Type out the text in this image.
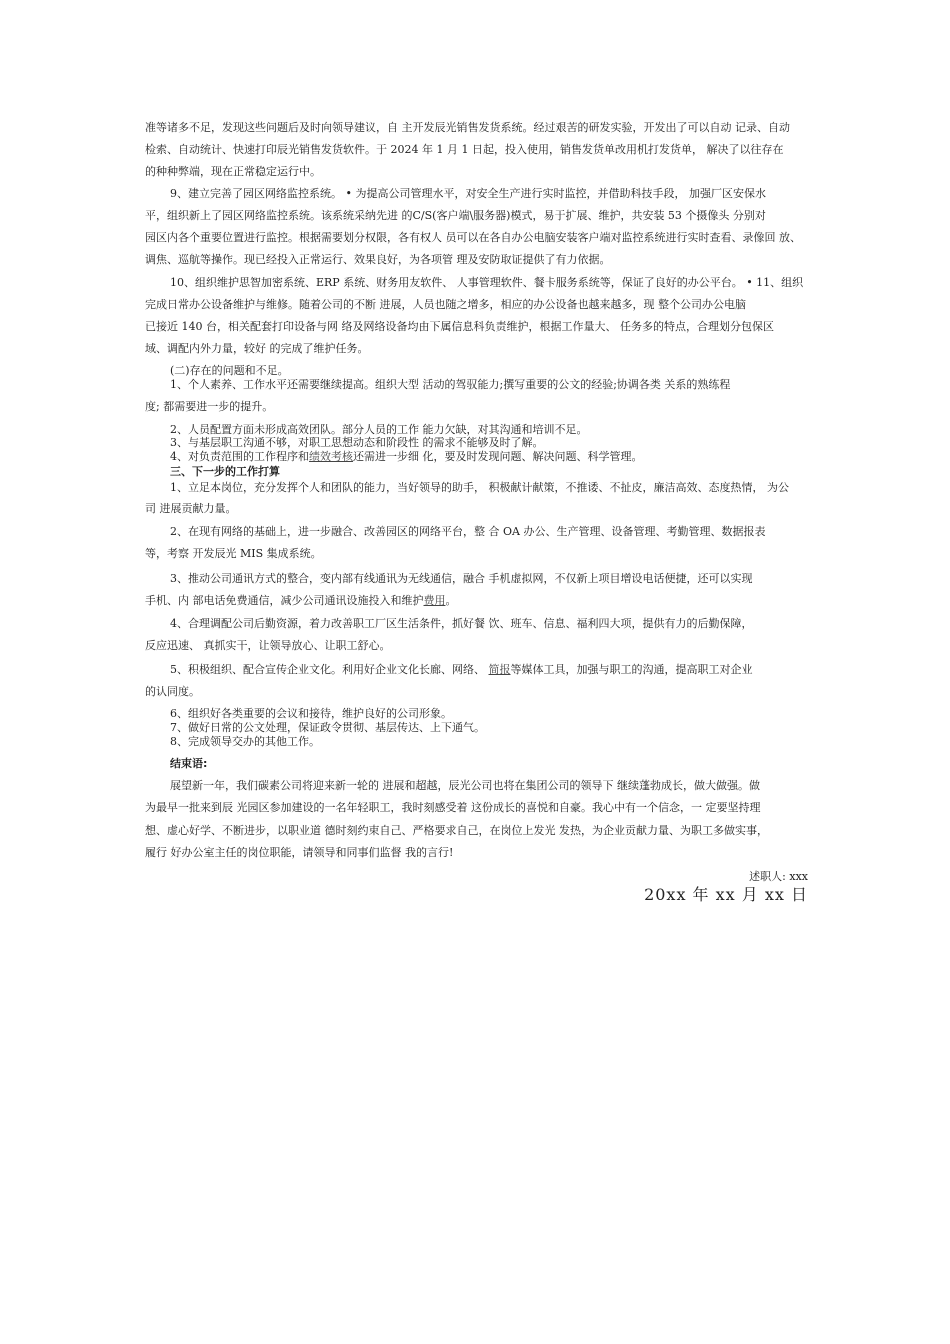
准等诸多不足，发现这些问题后及时向领导建议，自 主开发辰光销售发货系统。经过艰苦的研发实验，开发出了可以自动 记录、自动
检索、自动统计、快速打印辰光销售发货软件。于 2024 年 1 月 1 日起，投入使用，销售发货单改用机打发货单， 解决了以往存在
的种种弊端，现在正常稳定运行中。
9、建立完善了园区网络监控系统。 • 为提高公司管理水平，对安全生产进行实时监控，并借助科技手段， 加强厂区安保水
平，组织新上了园区网络监控系统。该系统采纳先进 的C/S(客户端\服务器)模式，易于扩展、维护，共安装 53 个摄像头 分别对
园区内各个重要位置进行监控。根据需要划分权限，各有权人 员可以在各自办公电脑安装客户端对监控系统进行实时查看、录像回 放、
调焦、巡航等操作。现已经投入正常运行、效果良好，为各项管 理及安防取证提供了有力依据。
10、组织维护思智加密系统、ERP 系统、财务用友软件、 人事管理软件、餐卡服务系统等，保证了良好的办公平台。 • 11、组织
完成日常办公设备维护与维修。随着公司的不断 进展，人员也随之增多，相应的办公设备也越来越多，现 整个公司办公电脑
已接近 140 台，相关配套打印设备与网 络及网络设备均由下属信息科负责维护，根据工作量大、 任务多的特点，合理划分包保区
域、调配内外力量，较好 的完成了维护任务。
(二)存在的问题和不足。
1、个人素养、工作水平还需要继续提高。组织大型 活动的驾驭能力;撰写重要的公文的经验;协调各类 关系的熟练程
度; 都需要进一步的提升。
2、人员配置方面未形成高效团队。部分人员的工作 能力欠缺，对其沟通和培训不足。
3、与基层职工沟通不够，对职工思想动态和阶段性 的需求不能够及时了解。
4、对负责范围的工作程序和绩效考核还需进一步细 化，要及时发现问题、解决问题、科学管理。
三、下一步的工作打算
1、立足本岗位，充分发挥个人和团队的能力，当好领导的助手， 积极献计献策，不推诿、不扯皮，廉洁高效、态度热情， 为公
司 进展贡献力量。
2、在现有网络的基础上，进一步融合、改善园区的网络平台，整 合 OA 办公、生产管理、设备管理、考勤管理、数据报表
等，考察 开发辰光 MIS 集成系统。
3、推动公司通讯方式的整合，变内部有线通讯为无线通信，融合 手机虚拟网，不仅新上项目增设电话便捷，还可以实现
手机、内 部电话免费通信，减少公司通讯设施投入和维护费用。
4、合理调配公司后勤资源，着力改善职工厂区生活条件，抓好餐 饮、班车、信息、福利四大项，提供有力的后勤保障，
反应迅速、 真抓实干，让领导放心、让职工舒心。
5、积极组织、配合宣传企业文化。利用好企业文化长廊、网络、 简报等媒体工具，加强与职工的沟通，提高职工对企业
的认同度。
6、组织好各类重要的会议和接待，维护良好的公司形象。
7、做好日常的公文处理，保证政令贯彻、基层传达、上下通气。
8、完成领导交办的其他工作。
结束语:
展望新一年，我们碳素公司将迎来新一轮的 进展和超越，辰光公司也将在集团公司的领导下 继续蓬勃成长，做大做强。做
为最早一批来到辰 光园区参加建设的一名年轻职工，我时刻感受着 这份成长的喜悦和自豪。我心中有一个信念，一 定要坚持理
想、虚心好学、不断进步，以职业道 德时刻约束自己、严格要求自己，在岗位上发光 发热，为企业贡献力量、为职工多做实事，
履行 好办公室主任的岗位职能，请领导和同事们监督 我的言行!
述职人: xxx
20xx 年 xx 月 xx 日
